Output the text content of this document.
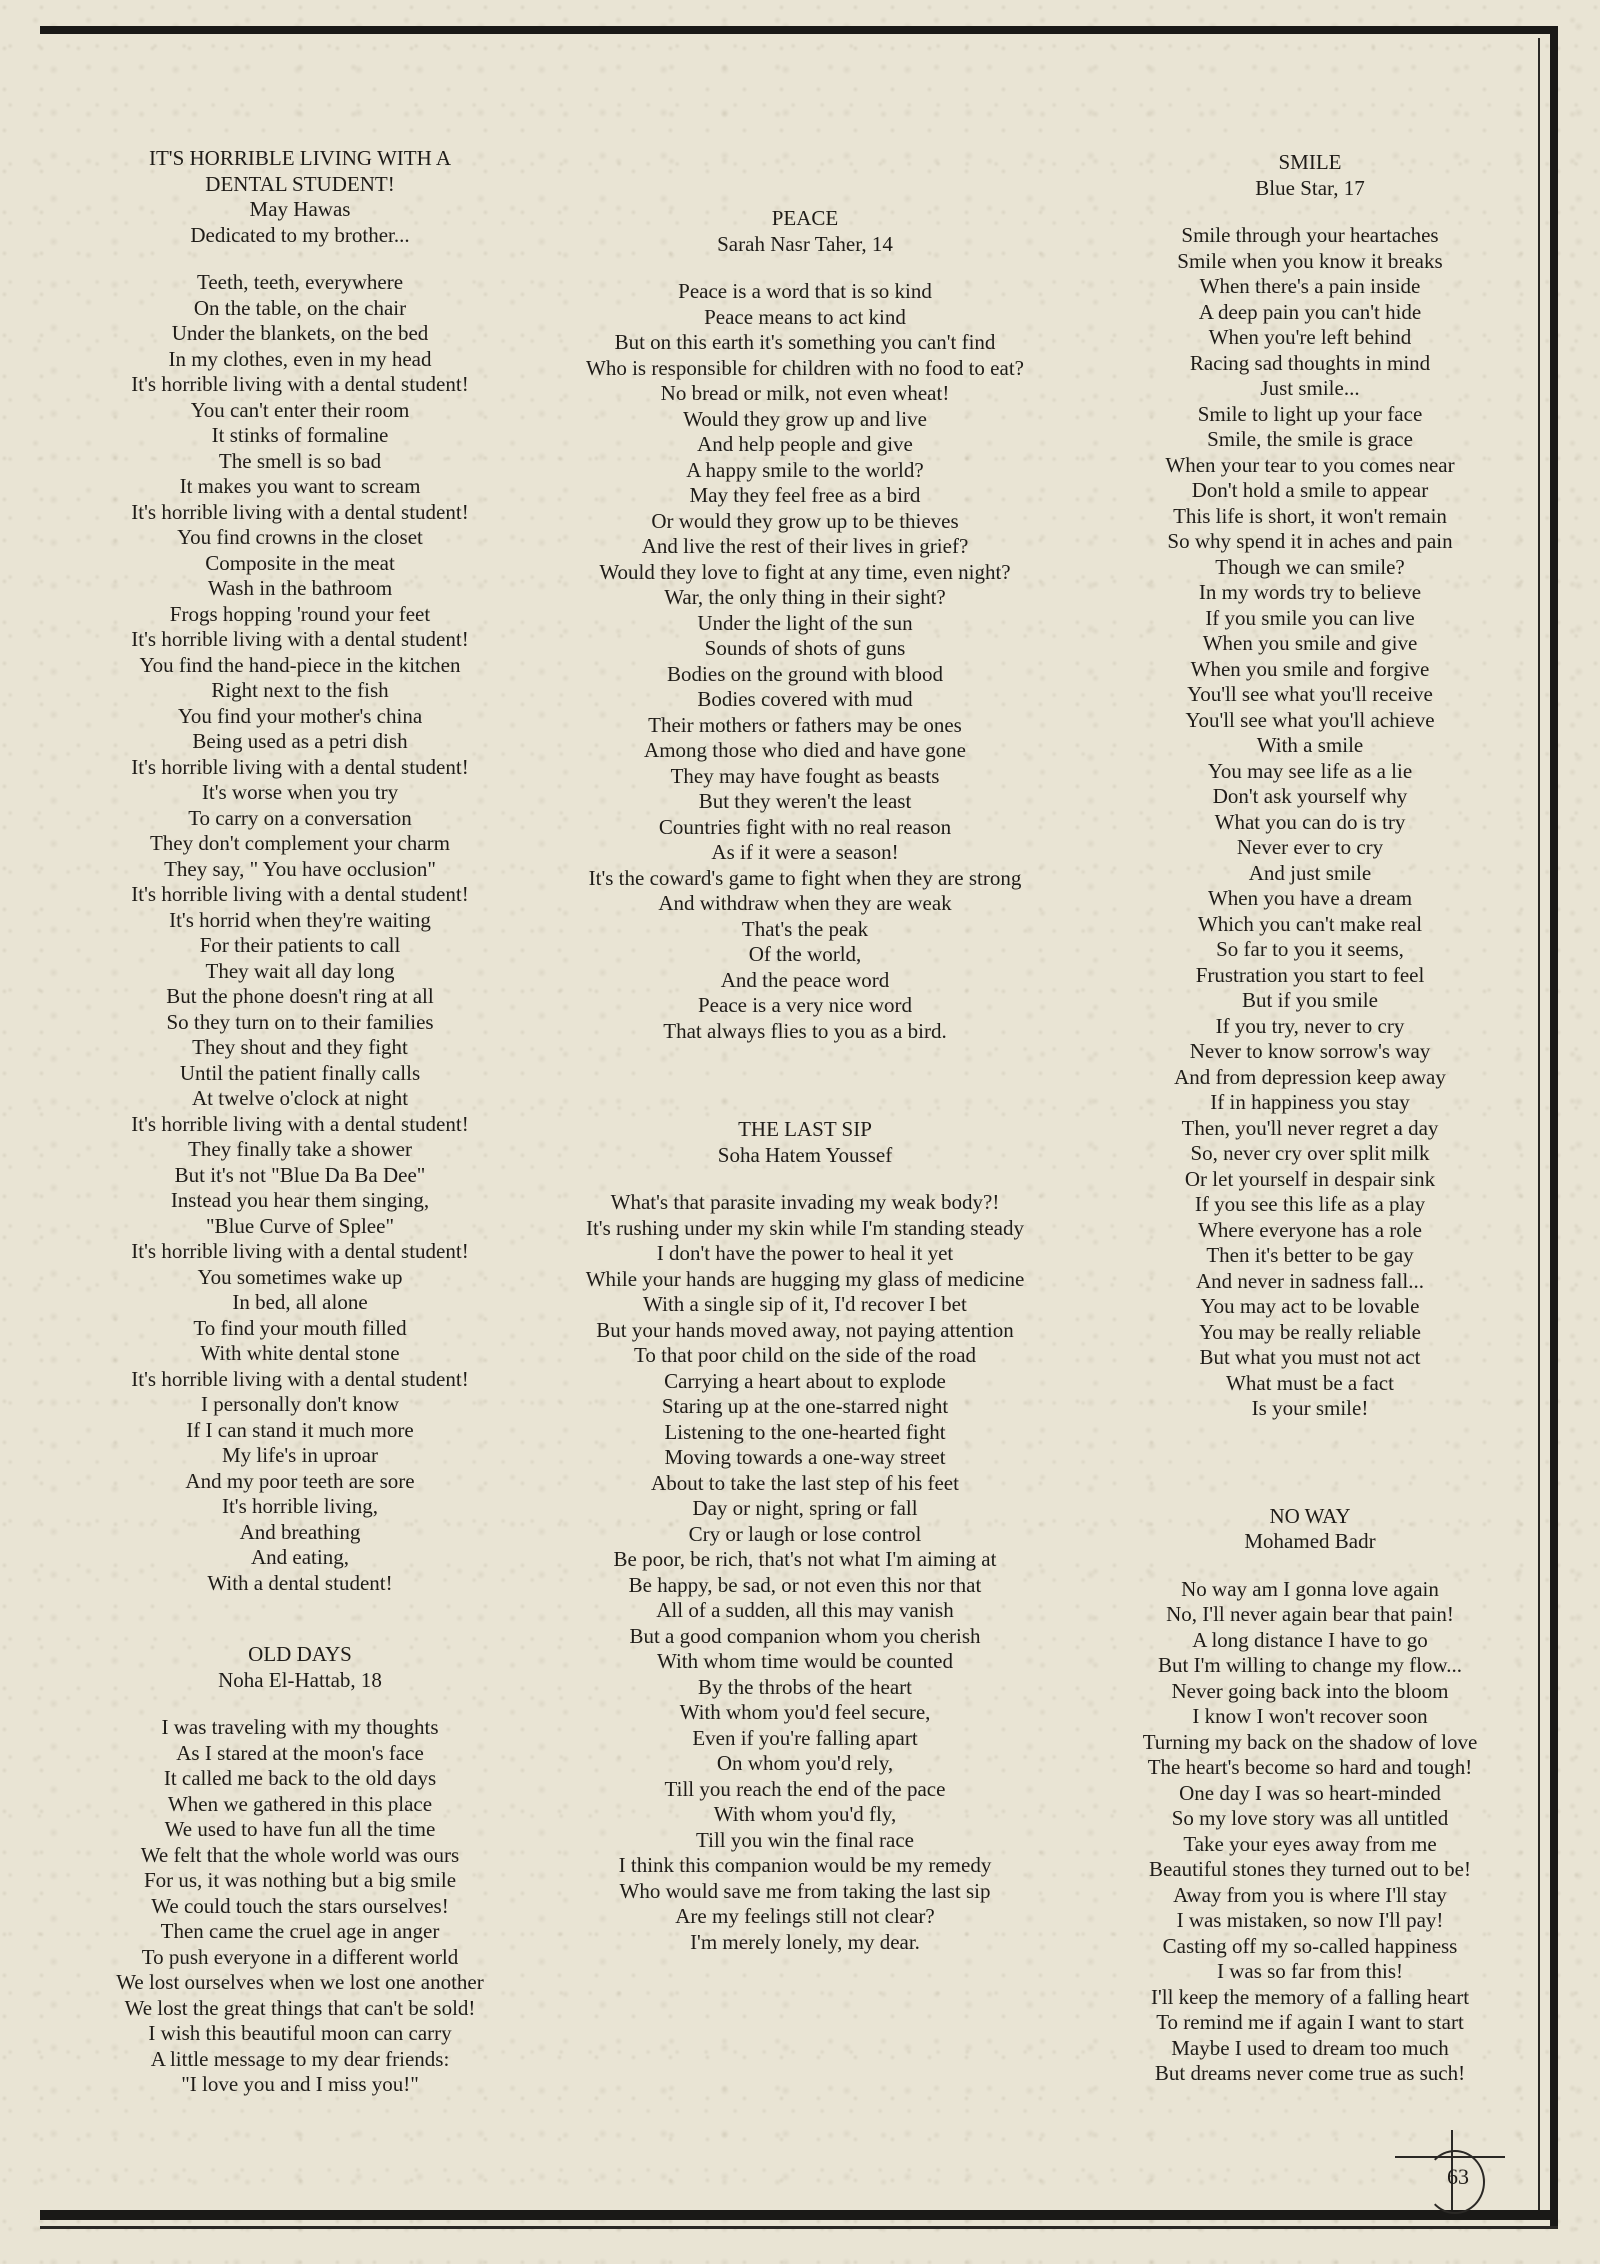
IT'S HORRIBLE LIVING WITH A
DENTAL STUDENT!
May Hawas
Dedicated to my brother...
Teeth, teeth, everywhere
On the table, on the chair
Under the blankets, on the bed
In my clothes, even in my head
It's horrible living with a dental student!
You can't enter their room
It stinks of formaline
The smell is so bad
It makes you want to scream
It's horrible living with a dental student!
You find crowns in the closet
Composite in the meat
Wash in the bathroom
Frogs hopping 'round your feet
It's horrible living with a dental student!
You find the hand-piece in the kitchen
Right next to the fish
You find your mother's china
Being used as a petri dish
It's horrible living with a dental student!
It's worse when you try
To carry on a conversation
They don't complement your charm
They say, " You have occlusion"
It's horrible living with a dental student!
It's horrid when they're waiting
For their patients to call
They wait all day long
But the phone doesn't ring at all
So they turn on to their families
They shout and they fight
Until the patient finally calls
At twelve o'clock at night
It's horrible living with a dental student!
They finally take a shower
But it's not "Blue Da Ba Dee"
Instead you hear them singing,
"Blue Curve of Splee"
It's horrible living with a dental student!
You sometimes wake up
In bed, all alone
To find your mouth filled
With white dental stone
It's horrible living with a dental student!
I personally don't know
If I can stand it much more
My life's in uproar
And my poor teeth are sore
It's horrible living,
And breathing
And eating,
With a dental student!
OLD DAYS
Noha El-Hattab, 18
I was traveling with my thoughts
As I stared at the moon's face
It called me back to the old days
When we gathered in this place
We used to have fun all the time
We felt that the whole world was ours
For us, it was nothing but a big smile
We could touch the stars ourselves!
Then came the cruel age in anger
To push everyone in a different world
We lost ourselves when we lost one another
We lost the great things that can't be sold!
I wish this beautiful moon can carry
A little message to my dear friends:
"I love you and I miss you!"
PEACE
Sarah Nasr Taher, 14
Peace is a word that is so kind
Peace means to act kind
But on this earth it's something you can't find
Who is responsible for children with no food to eat?
No bread or milk, not even wheat!
Would they grow up and live
And help people and give
A happy smile to the world?
May they feel free as a bird
Or would they grow up to be thieves
And live the rest of their lives in grief?
Would they love to fight at any time, even night?
War, the only thing in their sight?
Under the light of the sun
Sounds of shots of guns
Bodies on the ground with blood
Bodies covered with mud
Their mothers or fathers may be ones
Among those who died and have gone
They may have fought as beasts
But they weren't the least
Countries fight with no real reason
As if it were a season!
It's the coward's game to fight when they are strong
And withdraw when they are weak
That's the peak
Of the world,
And the peace word
Peace is a very nice word
That always flies to you as a bird.
THE LAST SIP
Soha Hatem Youssef
What's that parasite invading my weak body?!
It's rushing under my skin while I'm standing steady
I don't have the power to heal it yet
While your hands are hugging my glass of medicine
With a single sip of it, I'd recover I bet
But your hands moved away, not paying attention
To that poor child on the side of the road
Carrying a heart about to explode
Staring up at the one-starred night
Listening to the one-hearted fight
Moving towards a one-way street
About to take the last step of his feet
Day or night, spring or fall
Cry or laugh or lose control
Be poor, be rich, that's not what I'm aiming at
Be happy, be sad, or not even this nor that
All of a sudden, all this may vanish
But a good companion whom you cherish
With whom time would be counted
By the throbs of the heart
With whom you'd feel secure,
Even if you're falling apart
On whom you'd rely,
Till you reach the end of the pace
With whom you'd fly,
Till you win the final race
I think this companion would be my remedy
Who would save me from taking the last sip
Are my feelings still not clear?
I'm merely lonely, my dear.
SMILE
Blue Star, 17
Smile through your heartaches
Smile when you know it breaks
When there's a pain inside
A deep pain you can't hide
When you're left behind
Racing sad thoughts in mind
Just smile...
Smile to light up your face
Smile, the smile is grace
When your tear to you comes near
Don't hold a smile to appear
This life is short, it won't remain
So why spend it in aches and pain
Though we can smile?
In my words try to believe
If you smile you can live
When you smile and give
When you smile and forgive
You'll see what you'll receive
You'll see what you'll achieve
With a smile
You may see life as a lie
Don't ask yourself why
What you can do is try
Never ever to cry
And just smile
When you have a dream
Which you can't make real
So far to you it seems,
Frustration you start to feel
But if you smile
If you try, never to cry
Never to know sorrow's way
And from depression keep away
If in happiness you stay
Then, you'll never regret a day
So, never cry over split milk
Or let yourself in despair sink
If you see this life as a play
Where everyone has a role
Then it's better to be gay
And never in sadness fall...
You may act to be lovable
You may be really reliable
But what you must not act
What must be a fact
Is your smile!
NO WAY
Mohamed Badr
No way am I gonna love again
No, I'll never again bear that pain!
A long distance I have to go
But I'm willing to change my flow...
Never going back into the bloom
I know I won't recover soon
Turning my back on the shadow of love
The heart's become so hard and tough!
One day I was so heart-minded
So my love story was all untitled
Take your eyes away from me
Beautiful stones they turned out to be!
Away from you is where I'll stay
I was mistaken, so now I'll pay!
Casting off my so-called happiness
I was so far from this!
I'll keep the memory of a falling heart
To remind me if again I want to start
Maybe I used to dream too much
But dreams never come true as such!
63
